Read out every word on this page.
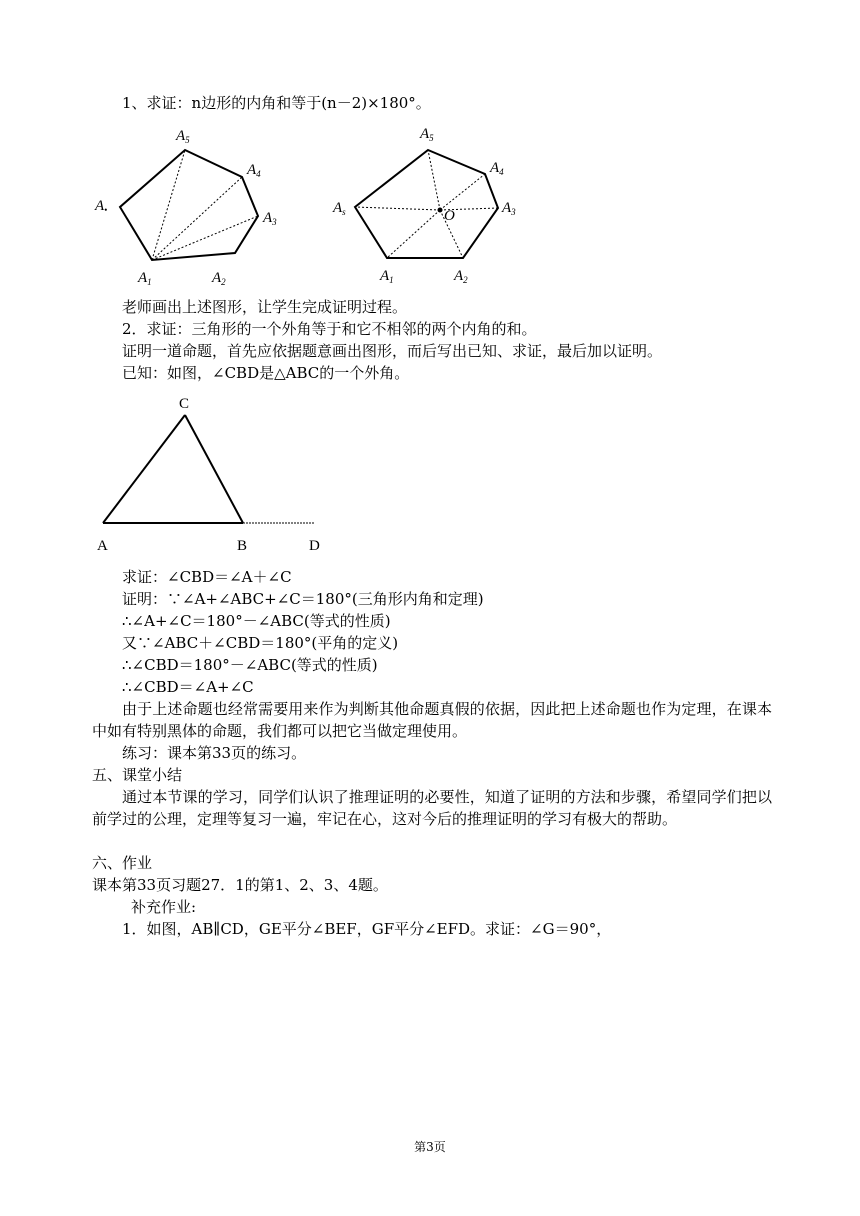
1、求证：n边形的内角和等于(n－2)×180°。
$A_5$
$A_4$
$A_3$
$A_•$
$A_1$	$A_2$
$A_5$
$A_4$
$A_3$
$A_s$	O
$A_1$	$A_2$
老师画出上述图形，让学生完成证明过程。
2．求证：三角形的一个外角等于和它不相邻的两个内角的和。
证明一道命题，首先应依据题意画出图形，而后写出已知、求证，最后加以证明。
已知：如图，∠CBD是△ABC的一个外角。
C
A	B	D
求证：∠CBD＝∠A＋∠C
证明：∵∠A+∠ABC+∠C＝180°(三角形内角和定理)
∴∠A+∠C＝180°－∠ABC(等式的性质)
又∵∠ABC＋∠CBD＝180°(平角的定义)
∴∠CBD＝180°－∠ABC(等式的性质)
∴∠CBD＝∠A+∠C
由于上述命题也经常需要用来作为判断其他命题真假的依据，因此把上述命题也作为定理，在课本中如有特别黑体的命题，我们都可以把它当做定理使用。
练习：课本第33页的练习。
五、课堂小结
通过本节课的学习，同学们认识了推理证明的必要性，知道了证明的方法和步骤，希望同学们把以前学过的公理，定理等复习一遍，牢记在心，这对今后的推理证明的学习有极大的帮助。
六、作业
课本第33页习题27．1的第1、2、3、4题。
补充作业:
1．如图，AB∥CD，GE平分∠BEF，GF平分∠EFD。求证：∠G＝90°，
第3页
